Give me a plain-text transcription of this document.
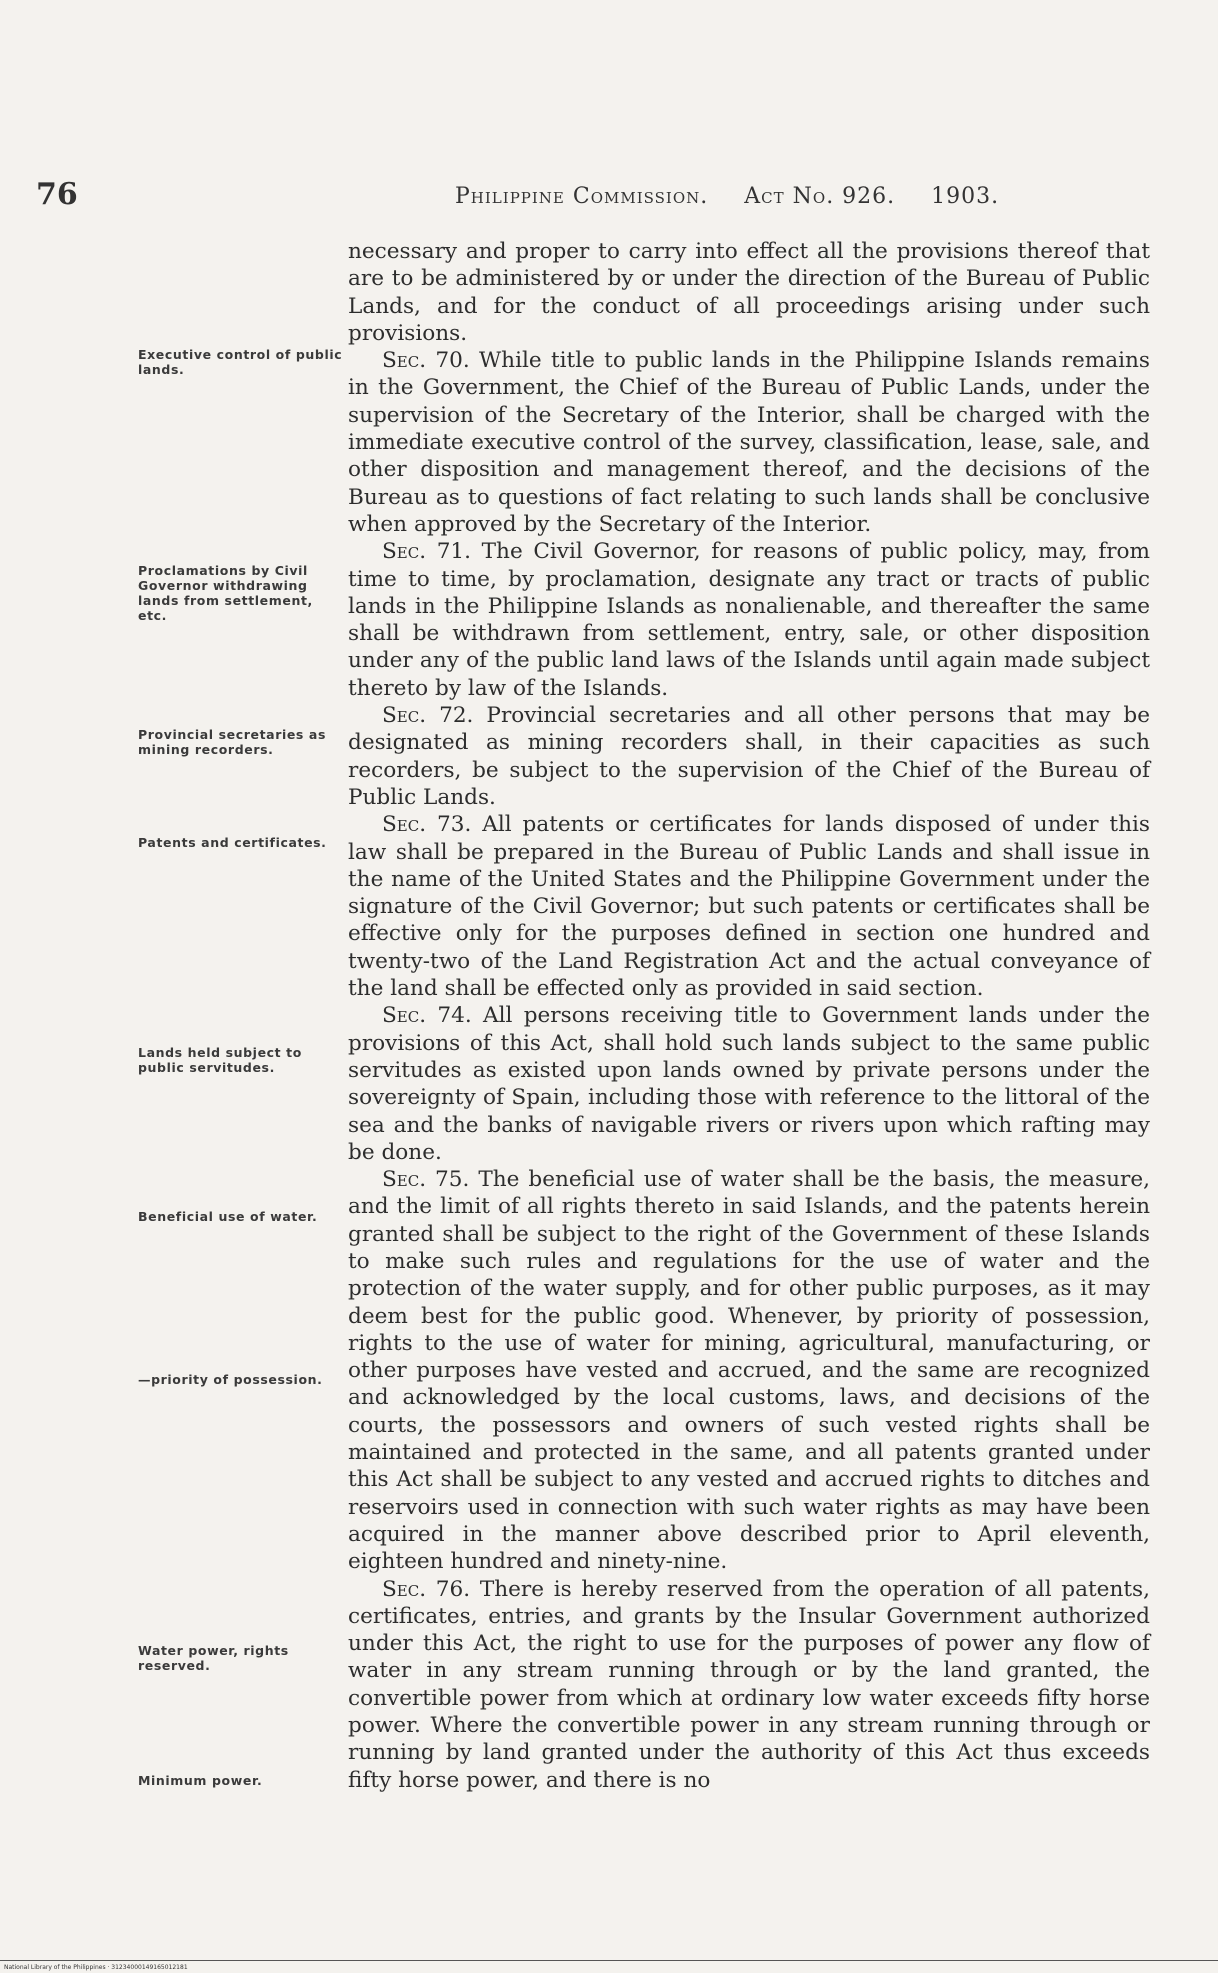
76	Philippine Commission. Act No. 926. 1903.

necessary and proper to carry into effect all the provisions thereof that are to be administered by or under the direction of the Bureau of Public Lands, and for the conduct of all proceedings arising under such provisions.

Sec. 70. While title to public lands in the Philippine Islands remains in the Government, the Chief of the Bureau of Public Lands, under the supervision of the Secretary of the Interior, shall be charged with the immediate executive control of the survey, classification, lease, sale, and other disposition and management thereof, and the decisions of the Bureau as to questions of fact relating to such lands shall be conclusive when approved by the Secretary of the Interior.

Sec. 71. The Civil Governor, for reasons of public policy, may, from time to time, by proclamation, designate any tract or tracts of public lands in the Philippine Islands as nonalienable, and thereafter the same shall be withdrawn from settlement, entry, sale, or other disposition under any of the public land laws of the Islands until again made subject thereto by law of the Islands.

Sec. 72. Provincial secretaries and all other persons that may be designated as mining recorders shall, in their capacities as such recorders, be subject to the supervision of the Chief of the Bureau of Public Lands.

Sec. 73. All patents or certificates for lands disposed of under this law shall be prepared in the Bureau of Public Lands and shall issue in the name of the United States and the Philippine Government under the signature of the Civil Governor; but such patents or certificates shall be effective only for the purposes defined in section one hundred and twenty-two of the Land Registration Act and the actual conveyance of the land shall be effected only as provided in said section.

Sec. 74. All persons receiving title to Government lands under the provisions of this Act, shall hold such lands subject to the same public servitudes as existed upon lands owned by private persons under the sovereignty of Spain, including those with reference to the littoral of the sea and the banks of navigable rivers or rivers upon which rafting may be done.

Sec. 75. The beneficial use of water shall be the basis, the measure, and the limit of all rights thereto in said Islands, and the patents herein granted shall be subject to the right of the Government of these Islands to make such rules and regulations for the use of water and the protection of the water supply, and for other public purposes, as it may deem best for the public good. Whenever, by priority of possession, rights to the use of water for mining, agricultural, manufacturing, or other purposes have vested and accrued, and the same are recognized and acknowledged by the local customs, laws, and decisions of the courts, the possessors and owners of such vested rights shall be maintained and protected in the same, and all patents granted under this Act shall be subject to any vested and accrued rights to ditches and reservoirs used in connection with such water rights as may have been acquired in the manner above described prior to April eleventh, eighteen hundred and ninety-nine.

Sec. 76. There is hereby reserved from the operation of all patents, certificates, entries, and grants by the Insular Government authorized under this Act, the right to use for the purposes of power any flow of water in any stream running through or by the land granted, the convertible power from which at ordinary low water exceeds fifty horse power. Where the convertible power in any stream running through or running by land granted under the authority of this Act thus exceeds fifty horse power, and there is no

Executive control of public lands.
Proclamations by Civil Governor withdrawing lands from settlement, etc.
Provincial secretaries as mining recorders.
Patents and certificates.
Lands held subject to public servitudes.
Beneficial use of water.
—priority of possession.
Water power, rights reserved.
Minimum power.
National Library of the Philippines · 31234000149165012181
